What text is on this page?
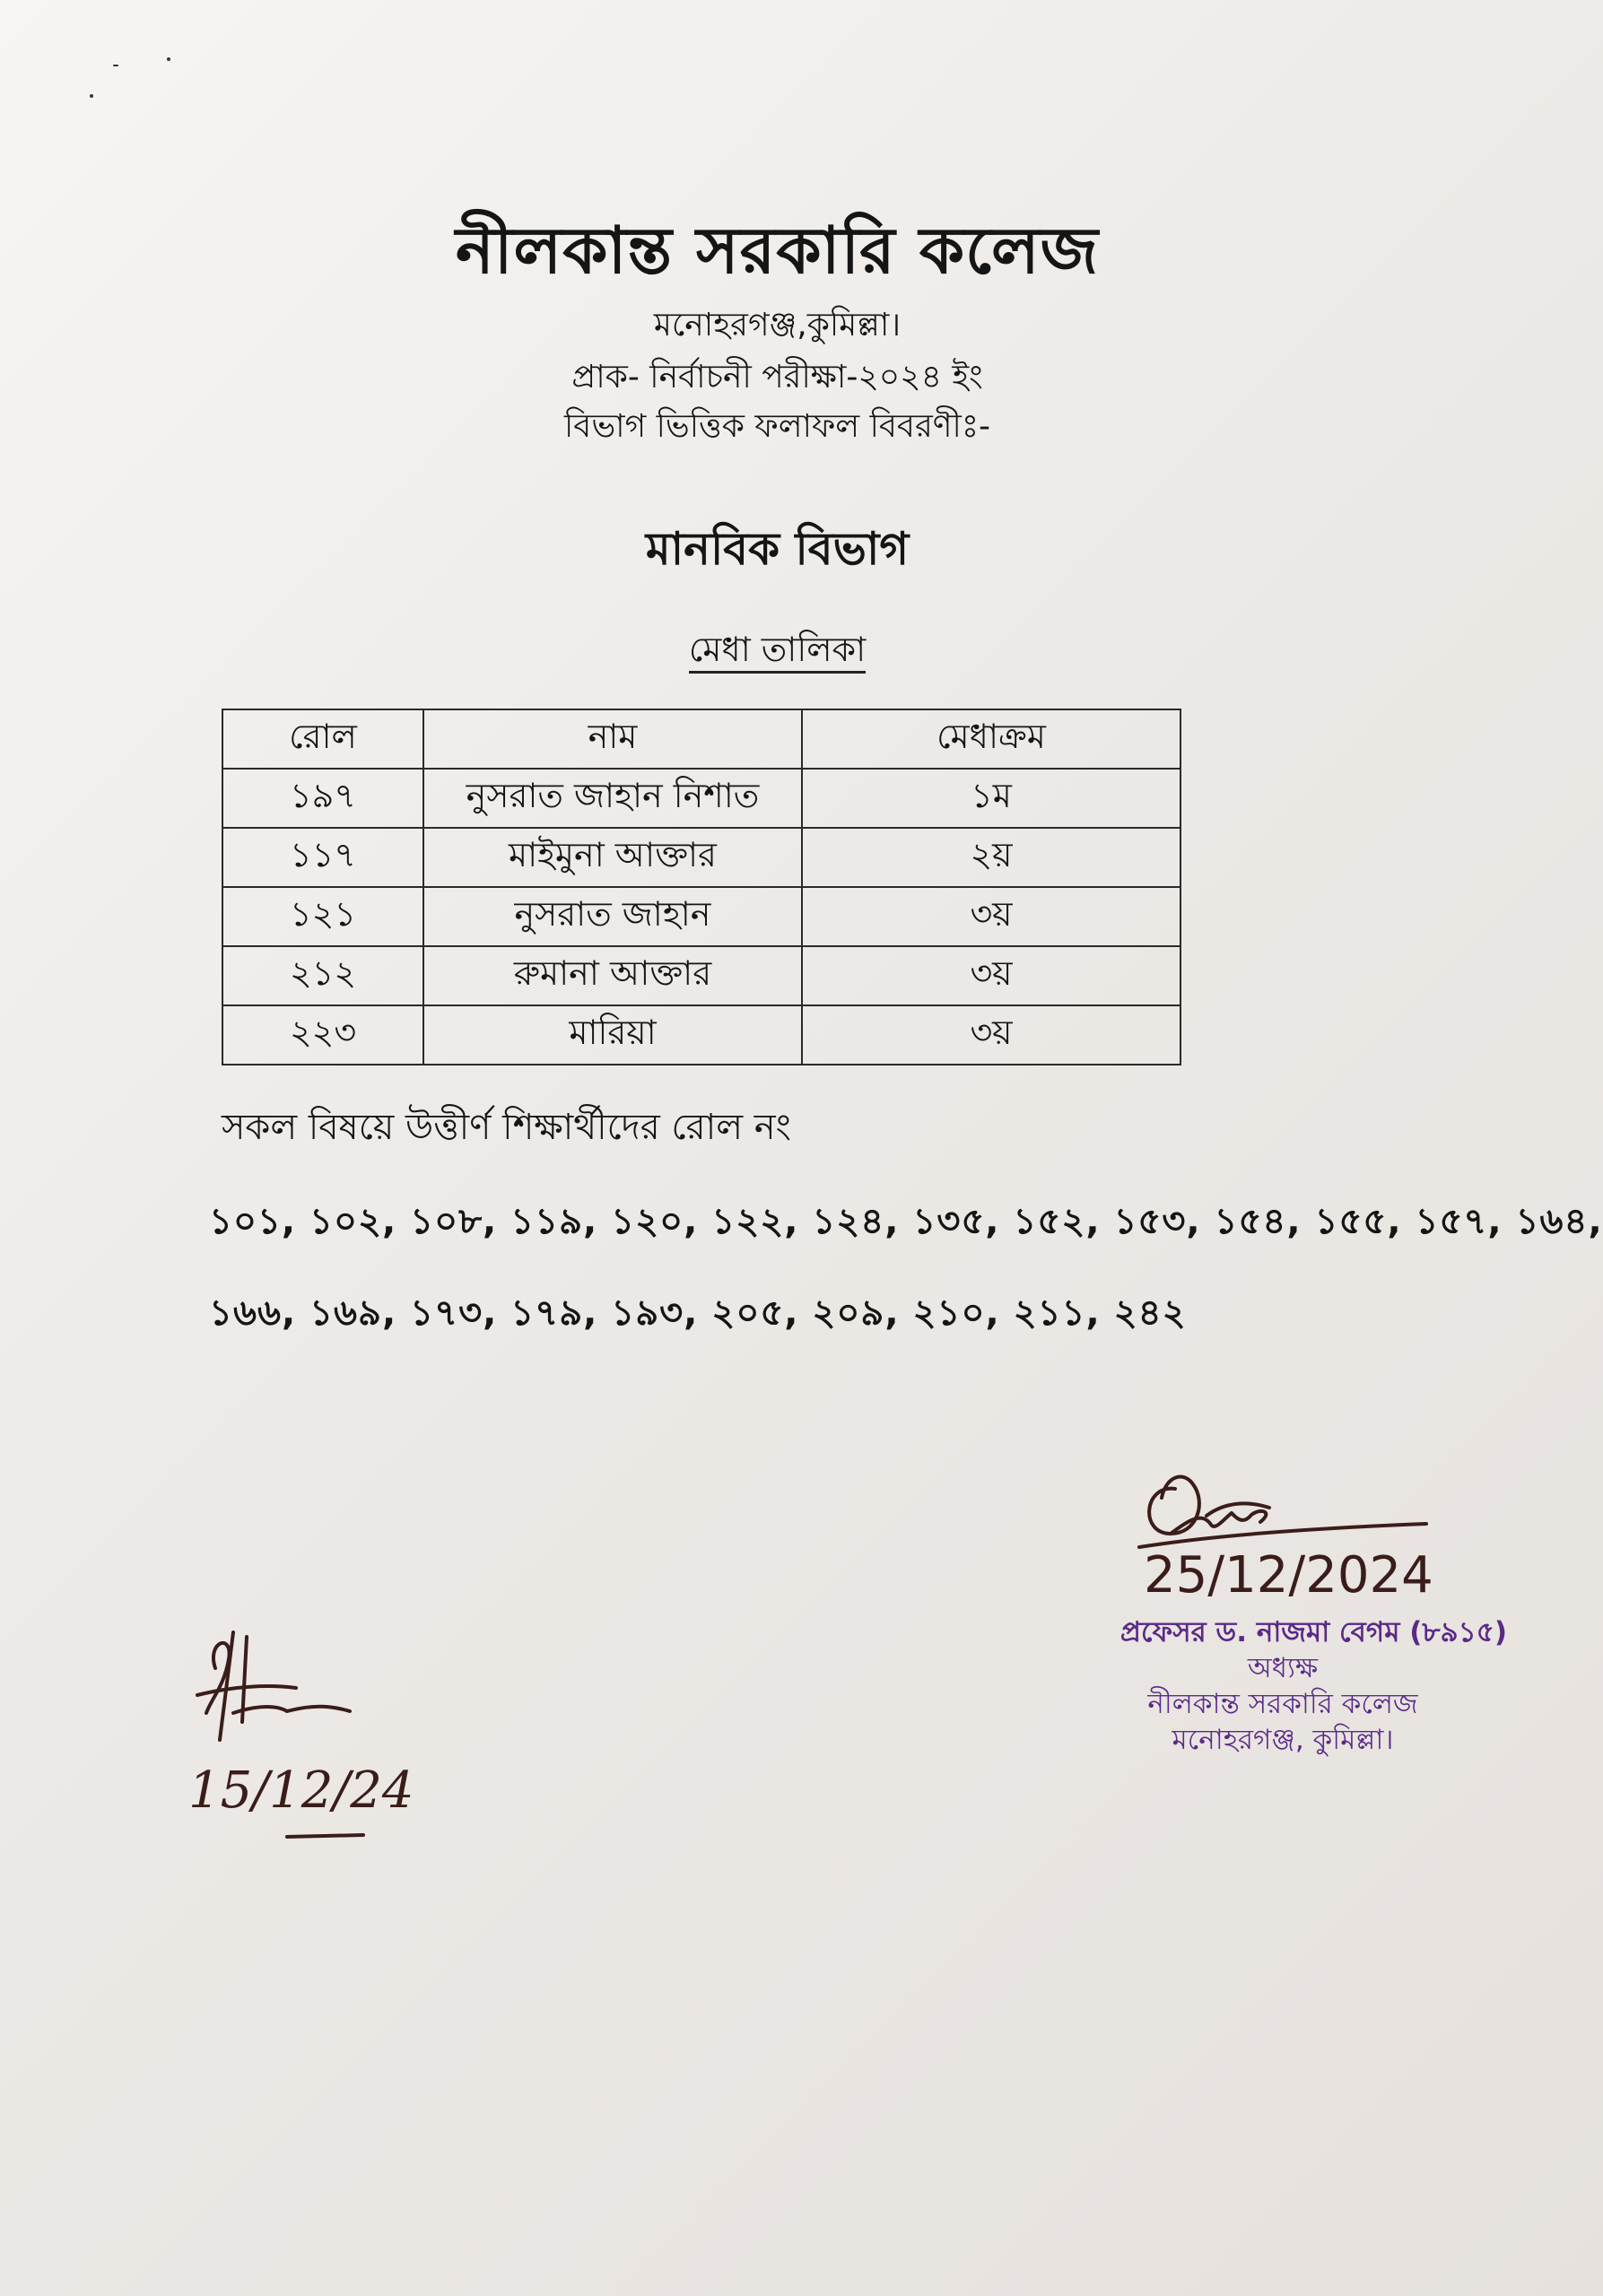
নীলকান্ত সরকারি কলেজ
মনোহরগঞ্জ,কুমিল্লা।
প্রাক- নির্বাচনী পরীক্ষা-২০২৪ ইং
বিভাগ ভিত্তিক ফলাফল বিবরণীঃ-
মানবিক বিভাগ
মেধা তালিকা
রোল	নাম	মেধাক্রম
১৯৭	নুসরাত জাহান নিশাত	১ম
১১৭	মাইমুনা আক্তার	২য়
১২১	নুসরাত জাহান	৩য়
২১২	রুমানা আক্তার	৩য়
২২৩	মারিয়া	৩য়
সকল বিষয়ে উত্তীর্ণ শিক্ষার্থীদের রোল নং
১০১, ১০২, ১০৮, ১১৯, ১২০, ১২২, ১২৪, ১৩৫, ১৫২, ১৫৩, ১৫৪, ১৫৫, ১৫৭, ১৬৪,
১৬৬, ১৬৯, ১৭৩, ১৭৯, ১৯৩, ২০৫, ২০৯, ২১০, ২১১, ২৪২
25/12/2024
প্রফেসর ড. নাজমা বেগম (৮৯১৫)
অধ্যক্ষ
নীলকান্ত সরকারি কলেজ
মনোহরগঞ্জ, কুমিল্লা।
15/12/24
